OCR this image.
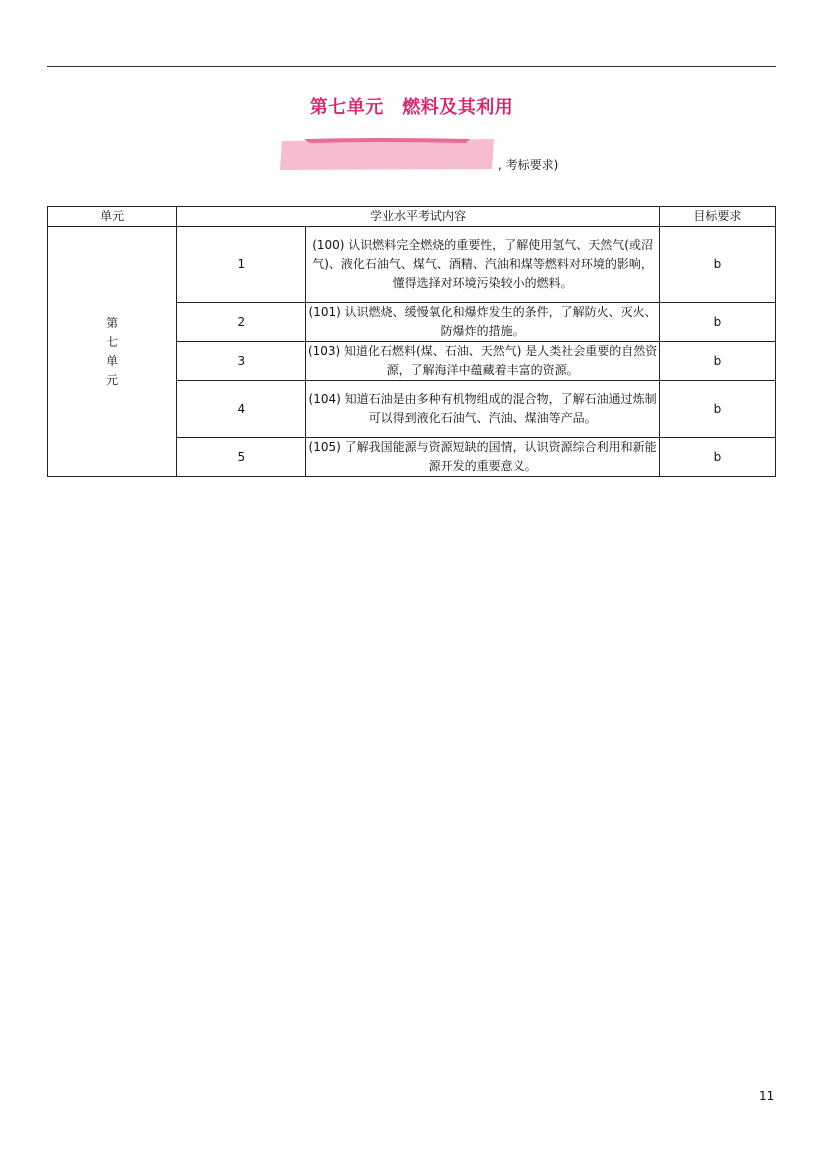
第七单元　燃料及其利用
, 考标要求)
单元	学业水平考试内容		目标要求

第
七
单
元	1	(100) 认识燃料完全燃烧的重要性，了解使用氢气、天然气(或沼气)、液化石油气、煤气、酒精、汽油和煤等燃料对环境的影响，懂得选择对环境污染较小的燃料。	b
	2	(101) 认识燃烧、缓慢氧化和爆炸发生的条件，了解防火、灭火、防爆炸的措施。	b
	3	(103) 知道化石燃料(煤、石油、天然气) 是人类社会重要的自然资源，了解海洋中蕴藏着丰富的资源。	b
	4	(104) 知道石油是由多种有机物组成的混合物，了解石油通过炼制可以得到液化石油气、汽油、煤油等产品。	b
	5	(105) 了解我国能源与资源短缺的国情，认识资源综合利用和新能源开发的重要意义。	b
11
